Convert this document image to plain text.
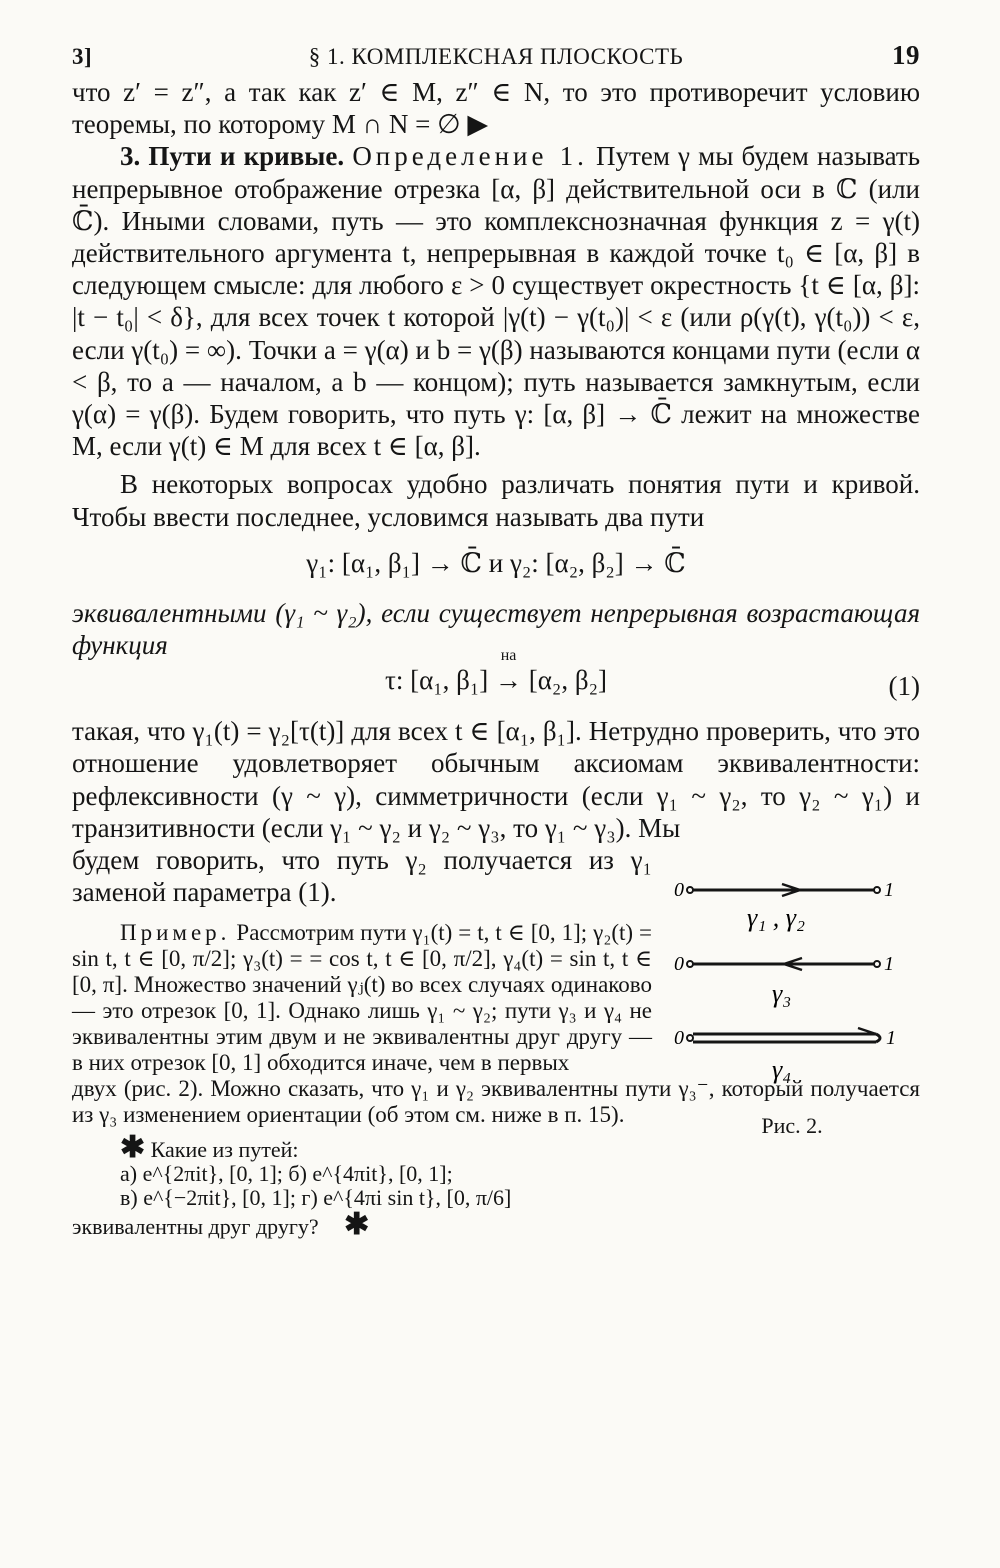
3]	§ 1. КОМПЛЕКСНАЯ ПЛОСКОСТЬ	19

что z′ = z″, а так как z′ ∈ M, z″ ∈ N, то это противоречит условию теоремы, по которому M ∩ N = ∅ ▶

3. Пути и кривые. Определение 1. Путем γ мы будем называть непрерывное отображение отрезка [α, β] действительной оси в ℂ (или ℂ̄). Иными словами, путь — это комплекснозначная функция z = γ(t) действительного аргумента t, непрерывная в каждой точке t₀ ∈ [α, β] в следующем смысле: для любого ε > 0 существует окрестность {t ∈ [α, β]: |t − t₀| < δ}, для всех точек t которой |γ(t) − γ(t₀)| < ε (или ρ(γ(t), γ(t₀)) < ε, если γ(t₀) = ∞). Точки a = γ(α) и b = γ(β) называются концами пути (если α < β, то a — началом, а b — концом); путь называется замкнутым, если γ(α) = γ(β). Будем говорить, что путь γ: [α, β] → ℂ̄ лежит на множестве M, если γ(t) ∈ M для всех t ∈ [α, β].

В некоторых вопросах удобно различать понятия пути и кривой. Чтобы ввести последнее, условимся называть два пути

γ₁: [α₁, β₁] → ℂ̄ и γ₂: [α₂, β₂] → ℂ̄

эквивалентными (γ₁ ~ γ₂), если существует непрерывная возрастающая функция

τ: [α₁, β₁]
на
→ [α₂, β₂]	(1)

такая, что γ₁(t) = γ₂[τ(t)] для всех t ∈ [α₁, β₁]. Нетрудно проверить, что это отношение удовлетворяет обычным аксиомам эквивалентности: рефлексивности (γ ~ γ), симметричности (если γ₁ ~ γ₂, то γ₂ ~ γ₁) и транзитивности (если γ₁ ~ γ₂ и γ₂ ~ γ₃, то γ₁ ~ γ₃). Мы

будем говорить, что путь γ₂ получается из γ₁ заменой параметра (1).

Пример. Рассмотрим пути γ₁(t) = t, t ∈ [0, 1]; γ₂(t) = sin t, t ∈ [0, π/2]; γ₃(t) = = cos t, t ∈ [0, π/2], γ₄(t) = sin t, t ∈ [0, π]. Множество значений γⱼ(t) во всех случаях одинаково — это отрезок [0, 1]. Однако лишь γ₁ ~ γ₂; пути γ₃ и γ₄ не эквивалентны этим двум и не эквивалентны друг другу — в них отрезок [0, 1] обходится иначе, чем в первых

0	1
γ₁ , γ₂
0	1
γ₃
0	1
γ₄
Рис. 2.

двух (рис. 2). Можно сказать, что γ₁ и γ₂ эквивалентны пути γ₃⁻, который получается из γ₃ изменением ориентации (об этом см. ниже в п. 15).

✱ Какие из путей:

а) e^{2πit}, [0, 1]; б) e^{4πit}, [0, 1];

в) e^{−2πit}, [0, 1]; г) e^{4πi sin t}, [0, π/6]

эквивалентны друг другу? ✱
